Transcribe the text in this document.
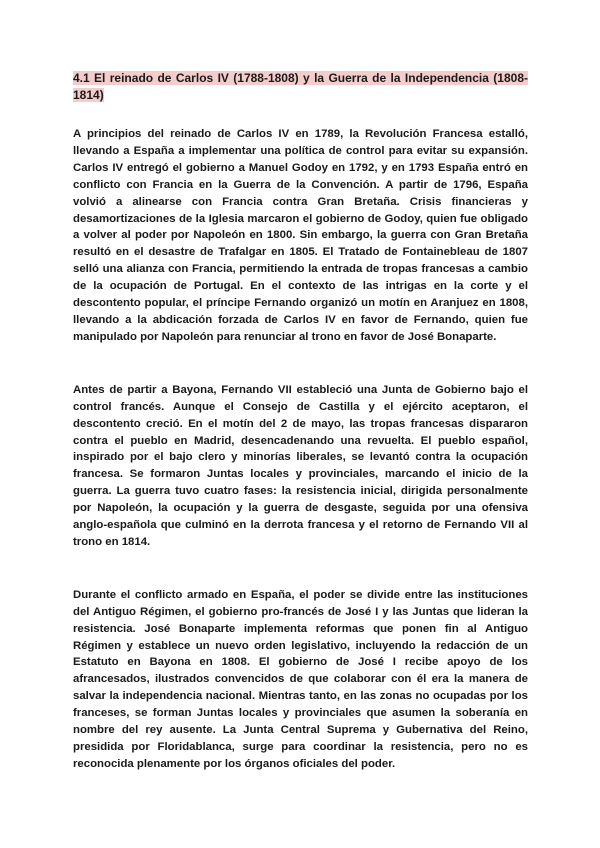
4.1 El reinado de Carlos IV (1788-1808) y la Guerra de la Independencia (1808-1814)

A principios del reinado de Carlos IV en 1789, la Revolución Francesa estalló, llevando a España a implementar una política de control para evitar su expansión. Carlos IV entregó el gobierno a Manuel Godoy en 1792, y en 1793 España entró en conflicto con Francia en la Guerra de la Convención. A partir de 1796, España volvió a alinearse con Francia contra Gran Bretaña. Crisis financieras y desamortizaciones de la Iglesia marcaron el gobierno de Godoy, quien fue obligado a volver al poder por Napoleón en 1800. Sin embargo, la guerra con Gran Bretaña resultó en el desastre de Trafalgar en 1805. El Tratado de Fontainebleau de 1807 selló una alianza con Francia, permitiendo la entrada de tropas francesas a cambio de la ocupación de Portugal. En el contexto de las intrigas en la corte y el descontento popular, el príncipe Fernando organizó un motín en Aranjuez en 1808, llevando a la abdicación forzada de Carlos IV en favor de Fernando, quien fue manipulado por Napoleón para renunciar al trono en favor de José Bonaparte.

Antes de partir a Bayona, Fernando VII estableció una Junta de Gobierno bajo el control francés. Aunque el Consejo de Castilla y el ejército aceptaron, el descontento creció. En el motín del 2 de mayo, las tropas francesas dispararon contra el pueblo en Madrid, desencadenando una revuelta. El pueblo español, inspirado por el bajo clero y minorías liberales, se levantó contra la ocupación francesa. Se formaron Juntas locales y provinciales, marcando el inicio de la guerra. La guerra tuvo cuatro fases: la resistencia inicial, dirigida personalmente por Napoleón, la ocupación y la guerra de desgaste, seguida por una ofensiva anglo-española que culminó en la derrota francesa y el retorno de Fernando VII al trono en 1814.

Durante el conflicto armado en España, el poder se divide entre las instituciones del Antiguo Régimen, el gobierno pro-francés de José I y las Juntas que lideran la resistencia. José Bonaparte implementa reformas que ponen fin al Antiguo Régimen y establece un nuevo orden legislativo, incluyendo la redacción de un Estatuto en Bayona en 1808. El gobierno de José I recibe apoyo de los afrancesados, ilustrados convencidos de que colaborar con él era la manera de salvar la independencia nacional. Mientras tanto, en las zonas no ocupadas por los franceses, se forman Juntas locales y provinciales que asumen la soberanía en nombre del rey ausente. La Junta Central Suprema y Gubernativa del Reino, presidida por Floridablanca, surge para coordinar la resistencia, pero no es reconocida plenamente por los órganos oficiales del poder.
